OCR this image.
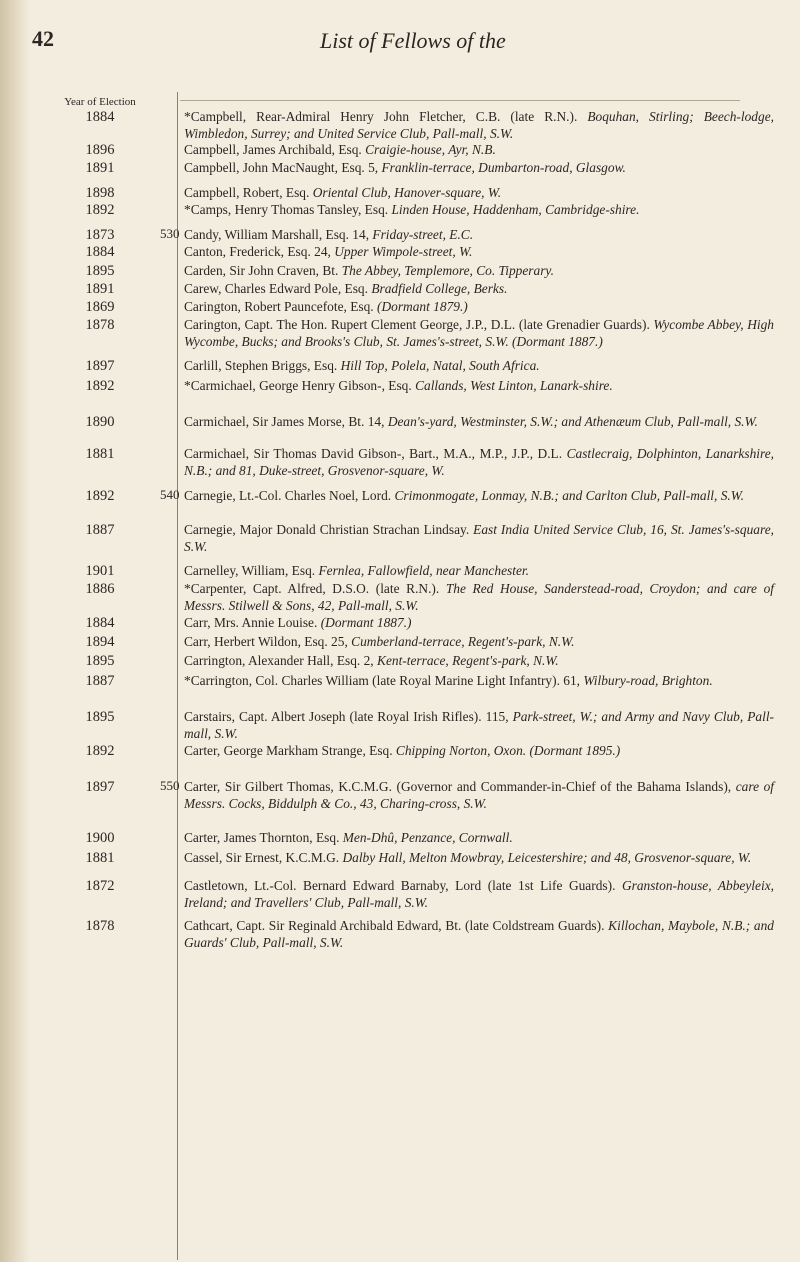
42	List of Fellows of the
Year of Election
1884	*Campbell, Rear-Admiral Henry John Fletcher, C.B. (late R.N.). Boquhan, Stirling; Beech-lodge, Wimbledon, Surrey; and United Service Club, Pall-mall, S.W.
1896	Campbell, James Archibald, Esq. Craigie-house, Ayr, N.B.
1891	Campbell, John MacNaught, Esq. 5, Franklin-terrace, Dumbarton-road, Glasgow.
1898	Campbell, Robert, Esq. Oriental Club, Hanover-square, W.
1892	*Camps, Henry Thomas Tansley, Esq. Linden House, Haddenham, Cambridge-shire.
1873	530 Candy, William Marshall, Esq. 14, Friday-street, E.C.
1884	Canton, Frederick, Esq. 24, Upper Wimpole-street, W.
1895	Carden, Sir John Craven, Bt. The Abbey, Templemore, Co. Tipperary.
1891	Carew, Charles Edward Pole, Esq. Bradfield College, Berks.
1869	Carington, Robert Pauncefote, Esq. (Dormant 1879.)
1878	Carington, Capt. The Hon. Rupert Clement George, J.P., D.L. (late Grenadier Guards). Wycombe Abbey, High Wycombe, Bucks; and Brooks's Club, St. James's-street, S.W. (Dormant 1887.)
1897	Carlill, Stephen Briggs, Esq. Hill Top, Polela, Natal, South Africa.
1892	*Carmichael, George Henry Gibson-, Esq. Callands, West Linton, Lanark-shire.
1890	Carmichael, Sir James Morse, Bt. 14, Dean's-yard, Westminster, S.W.; and Athenæum Club, Pall-mall, S.W.
1881	Carmichael, Sir Thomas David Gibson-, Bart., M.A., M.P., J.P., D.L. Castlecraig, Dolphinton, Lanarkshire, N.B.; and 81, Duke-street, Grosvenor-square, W.
1892	540 Carnegie, Lt.-Col. Charles Noel, Lord. Crimonmogate, Lonmay, N.B.; and Carlton Club, Pall-mall, S.W.
1887	Carnegie, Major Donald Christian Strachan Lindsay. East India United Service Club, 16, St. James's-square, S.W.
1901	Carnelley, William, Esq. Fernlea, Fallowfield, near Manchester.
1886	*Carpenter, Capt. Alfred, D.S.O. (late R.N.). The Red House, Sanderstead-road, Croydon; and care of Messrs. Stilwell & Sons, 42, Pall-mall, S.W.
1884	Carr, Mrs. Annie Louise. (Dormant 1887.)
1894	Carr, Herbert Wildon, Esq. 25, Cumberland-terrace, Regent's-park, N.W.
1895	Carrington, Alexander Hall, Esq. 2, Kent-terrace, Regent's-park, N.W.
1887	*Carrington, Col. Charles William (late Royal Marine Light Infantry). 61, Wilbury-road, Brighton.
1895	Carstairs, Capt. Albert Joseph (late Royal Irish Rifles). 115, Park-street, W.; and Army and Navy Club, Pall-mall, S.W.
1892	Carter, George Markham Strange, Esq. Chipping Norton, Oxon. (Dormant 1895.)
1897	550 Carter, Sir Gilbert Thomas, K.C.M.G. (Governor and Commander-in-Chief of the Bahama Islands), care of Messrs. Cocks, Biddulph & Co., 43, Charing-cross, S.W.
1900	Carter, James Thornton, Esq. Men-Dhû, Penzance, Cornwall.
1881	Cassel, Sir Ernest, K.C.M.G. Dalby Hall, Melton Mowbray, Leicestershire; and 48, Grosvenor-square, W.
1872	Castletown, Lt.-Col. Bernard Edward Barnaby, Lord (late 1st Life Guards). Granston-house, Abbeyleix, Ireland; and Travellers' Club, Pall-mall, S.W.
1878	Cathcart, Capt. Sir Reginald Archibald Edward, Bt. (late Coldstream Guards). Killochan, Maybole, N.B.; and Guards' Club, Pall-mall, S.W.
